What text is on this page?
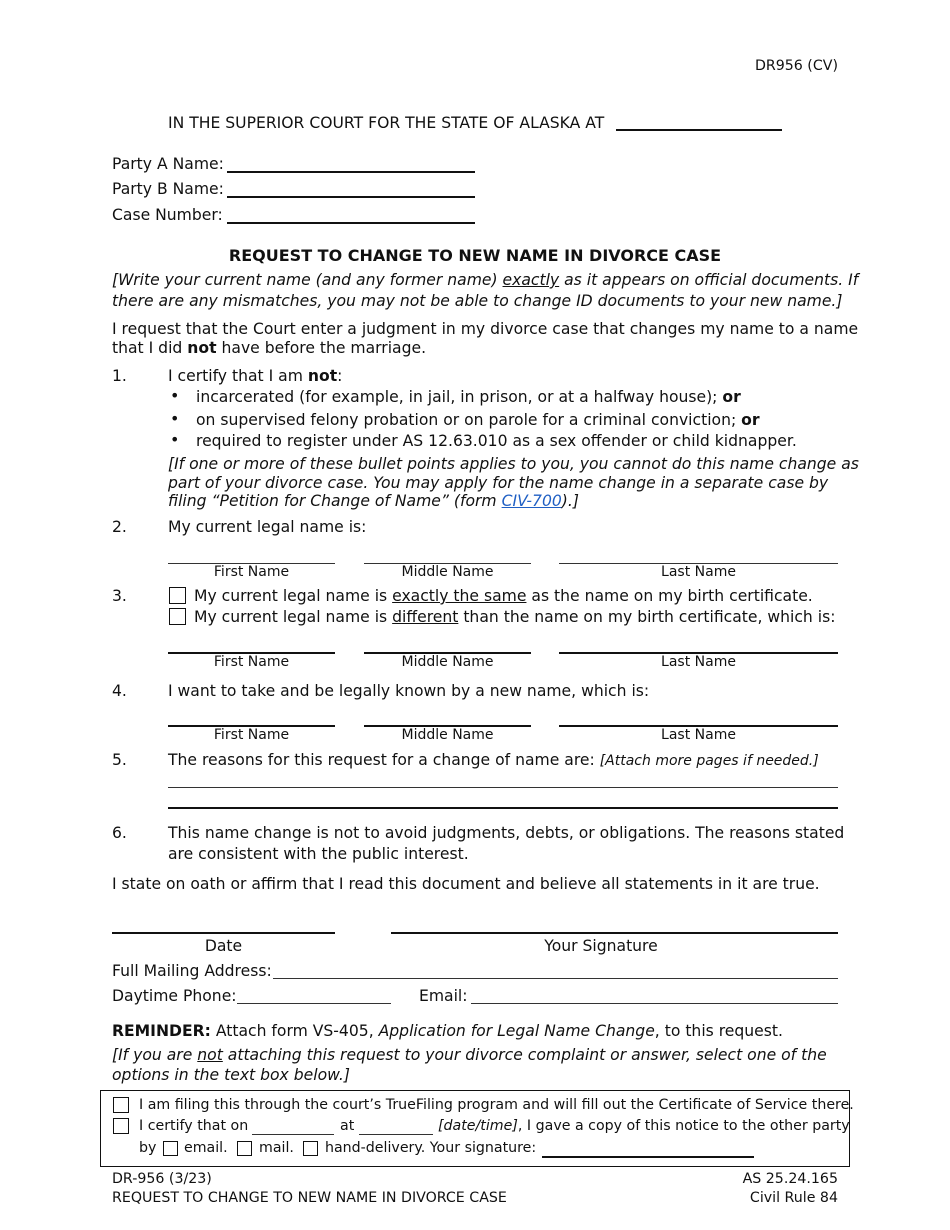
DR956 (CV)
IN THE SUPERIOR COURT FOR THE STATE OF ALASKA AT
Party A Name:
Party B Name:
Case Number:
REQUEST TO CHANGE TO NEW NAME IN DIVORCE CASE
[Write your current name (and any former name) exactly as it appears on official documents. If
there are any mismatches, you may not be able to change ID documents to your new name.]
I request that the Court enter a judgment in my divorce case that changes my name to a name
that I did not have before the marriage.
1.	I certify that I am not:
• incarcerated (for example, in jail, in prison, or at a halfway house); or
• on supervised felony probation or on parole for a criminal conviction; or
• required to register under AS 12.63.010 as a sex offender or child kidnapper.
[If one or more of these bullet points applies to you, you cannot do this name change as
part of your divorce case. You may apply for the name change in a separate case by
filing “Petition for Change of Name” (form CIV-700).]
2.	My current legal name is:
First Name	Middle Name	Last Name
3.	My current legal name is exactly the same as the name on my birth certificate.
My current legal name is different than the name on my birth certificate, which is:
First Name	Middle Name	Last Name
4.	I want to take and be legally known by a new name, which is:
First Name	Middle Name	Last Name
5.	The reasons for this request for a change of name are: [Attach more pages if needed.]
6.	This name change is not to avoid judgments, debts, or obligations. The reasons stated
are consistent with the public interest.
I state on oath or affirm that I read this document and believe all statements in it are true.
Date	Your Signature
Full Mailing Address:
Daytime Phone:	Email:
REMINDER: Attach form VS-405, Application for Legal Name Change, to this request.
[If you are not attaching this request to your divorce complaint or answer, select one of the
options in the text box below.]
I am filing this through the court’s TrueFiling program and will fill out the Certificate of Service there.
I certify that on	at	[date/time], I gave a copy of this notice to the other party
by email. mail. hand-delivery. Your signature:
DR-956 (3/23)
REQUEST TO CHANGE TO NEW NAME IN DIVORCE CASE
AS 25.24.165
Civil Rule 84
